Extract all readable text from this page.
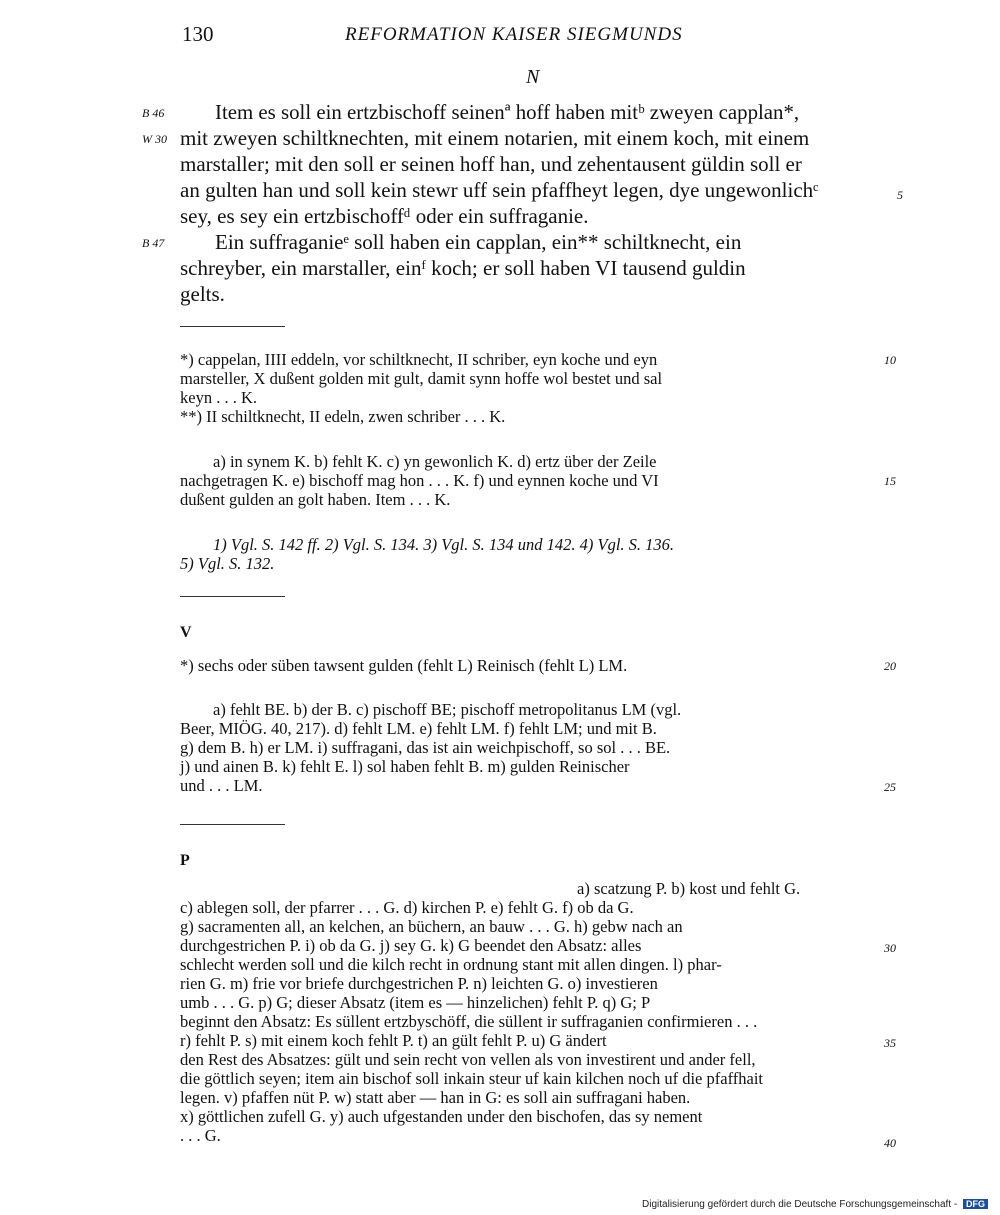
130	REFORMATION KAISER SIEGMUNDS
N
Item es soll ein ertzbischoff seinenª hoff haben mitᵇ zweyen capplan*,
mit zweyen schiltknechten, mit einem notarien, mit einem koch, mit einem
marstaller; mit den soll er seinen hoff han, und zehentausent güldin soll er
an gulten han und soll kein stewr uff sein pfaffheyt legen, dye ungewonlichᶜ
sey, es sey ein ertzbischoffᵈ oder ein suffraganie.
Ein suffraganieᵉ soll haben ein capplan, ein** schiltknecht, ein
schreyber, ein marstaller, einᶠ koch; er soll haben VI tausend guldin
gelts.
B 46
W 30
B 47
5
10
15
20
25
30
35
40
*) cappelan, IIII eddeln, vor schiltknecht, II schriber, eyn koche und eyn
marsteller, X dußent golden mit gult, damit synn hoffe wol bestet und sal
keyn . . . K.
**) II schiltknecht, II edeln, zwen schriber . . . K.
a) in synem K. b) fehlt K. c) yn gewonlich K. d) ertz über der Zeile
nachgetragen K. e) bischoff mag hon . . . K. f) und eynnen koche und VI
dußent gulden an golt haben. Item . . . K.
1) Vgl. S. 142 ff. 2) Vgl. S. 134. 3) Vgl. S. 134 und 142. 4) Vgl. S. 136.
5) Vgl. S. 132.
V
*) sechs oder süben tawsent gulden (fehlt L) Reinisch (fehlt L) LM.
a) fehlt BE. b) der B. c) pischoff BE; pischoff metropolitanus LM (vgl.
Beer, MIÖG. 40, 217). d) fehlt LM. e) fehlt LM. f) fehlt LM; und mit B.
g) dem B. h) er LM. i) suffragani, das ist ain weichpischoff, so sol . . . BE.
j) und ainen B. k) fehlt E. l) sol haben fehlt B. m) gulden Reinischer
und . . . LM.
P
a) scatzung P. b) kost und fehlt G.
c) ablegen soll, der pfarrer . . . G. d) kirchen P. e) fehlt G. f) ob da G.
g) sacramenten all, an kelchen, an büchern, an bauw . . . G. h) gebw nach an
durchgestrichen P. i) ob da G. j) sey G. k) G beendet den Absatz: alles
schlecht werden soll und die kilch recht in ordnung stant mit allen dingen. l) phar-
rien G. m) frie vor briefe durchgestrichen P. n) leichten G. o) investieren
umb . . . G. p) G; dieser Absatz (item es — hinzelichen) fehlt P. q) G; P
beginnt den Absatz: Es süllent ertzbyschöff, die süllent ir suffraganien confirmieren . . .
r) fehlt P. s) mit einem koch fehlt P. t) an gült fehlt P. u) G ändert
den Rest des Absatzes: gült und sein recht von vellen als von investirent und ander fell,
die göttlich seyen; item ain bischof soll inkain steur uf kain kilchen noch uf die pfaffhait
legen. v) pfaffen nüt P. w) statt aber — han in G: es soll ain suffragani haben.
x) göttlichen zufell G. y) auch ufgestanden under den bischofen, das sy nement
. . . G.
Digitalisierung gefördert durch die Deutsche Forschungsgemeinschaft - DFG
